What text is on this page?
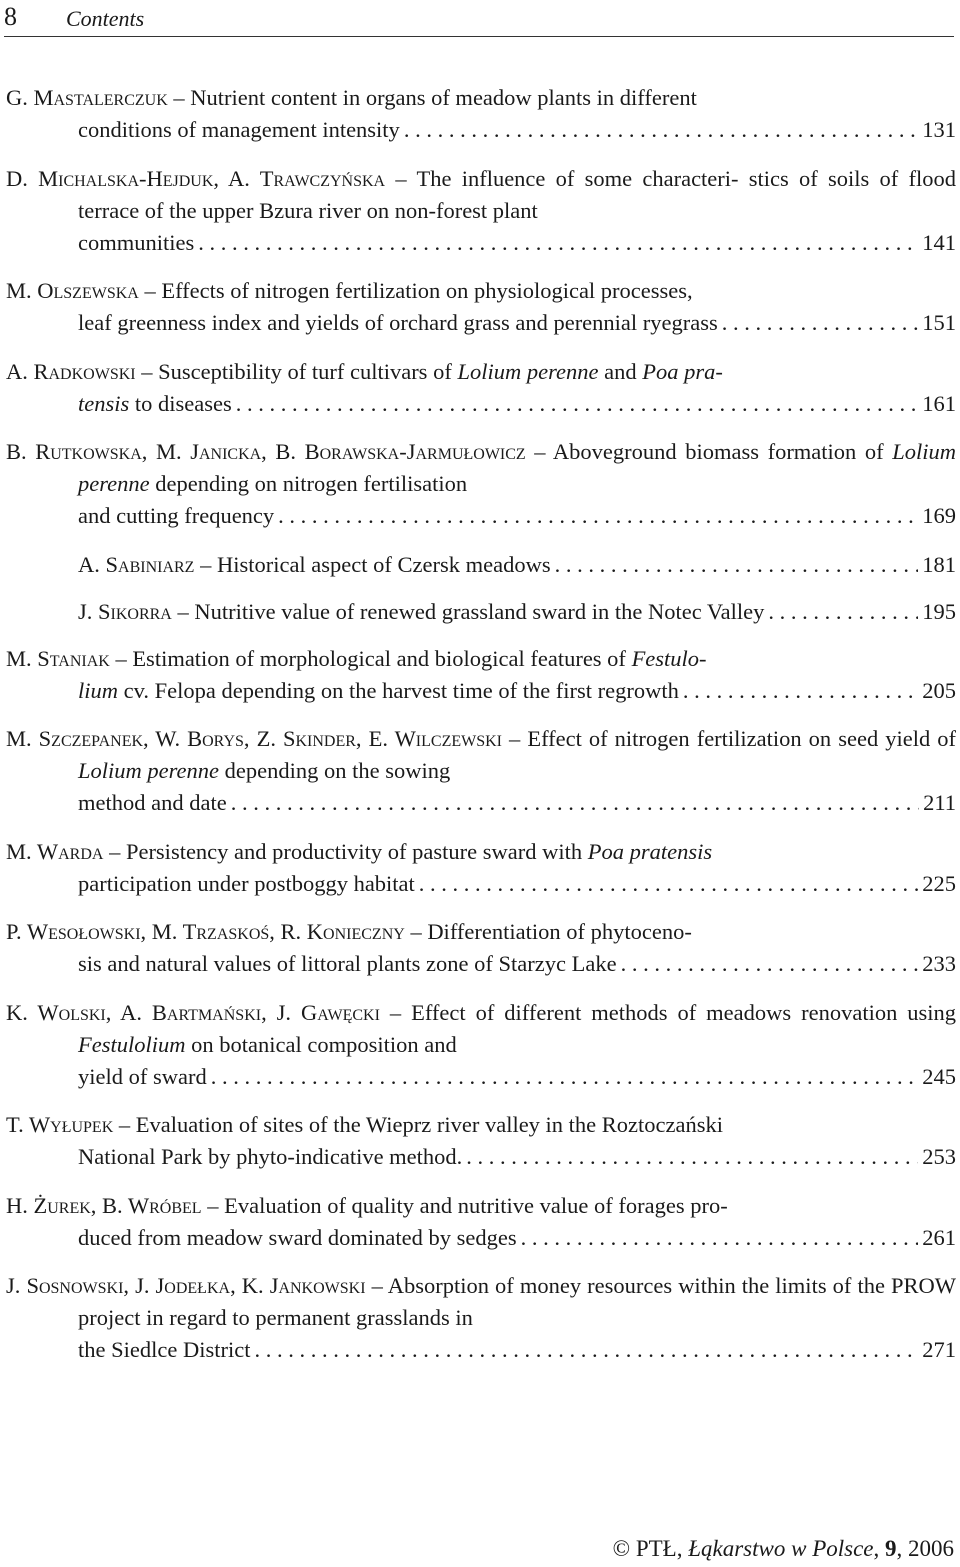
8 Contents
G. Mastalerczuk – Nutrient content in organs of meadow plants in different
conditions of management intensity . . .	131
D. Michalska-Hejduk, A. Trawczyńska – The influence of some characteri- stics of soils of flood terrace of the upper Bzura river on non-forest plant
communities . . .	141
M. Olszewska – Effects of nitrogen fertilization on physiological processes,
leaf greenness index and yields of orchard grass and perennial ryegrass . . .	151
A. Radkowski – Susceptibility of turf cultivars of Lolium perenne and Poa pra-
tensis to diseases . . .	161
B. Rutkowska, M. Janicka, B. Borawska-Jarmułowicz – Aboveground biomass formation of Lolium perenne depending on nitrogen fertilisation
and cutting frequency . . .	169
A. Sabiniarz – Historical aspect of Czersk meadows . . .	181
J. Sikorra – Nutritive value of renewed grassland sward in the Notec Valley . . .	195
M. Staniak – Estimation of morphological and biological features of Festulo-
lium cv. Felopa depending on the harvest time of the first regrowth . . .	205
M. Szczepanek, W. Borys, Z. Skinder, E. Wilczewski – Effect of nitrogen fertilization on seed yield of Lolium perenne depending on the sowing
method and date . . .	211
M. Warda – Persistency and productivity of pasture sward with Poa pratensis
participation under postboggy habitat . . .	225
P. Wesołowski, M. Trzaskoś, R. Konieczny – Differentiation of phytoceno-
sis and natural values of littoral plants zone of Starzyc Lake . . .	233
K. Wolski, A. Bartmański, J. Gawęcki – Effect of different methods of meadows renovation using Festulolium on botanical composition and
yield of sward . . .	245
T. Wyłupek – Evaluation of sites of the Wieprz river valley in the Roztoczański
National Park by phyto-indicative method. . . .	253
H. Żurek, B. Wróbel – Evaluation of quality and nutritive value of forages pro-
duced from meadow sward dominated by sedges . . .	261
J. Sosnowski, J. Jodełka, K. Jankowski – Absorption of money resources within the limits of the PROW project in regard to permanent grasslands in
the Siedlce District . . .	271
© PTŁ, Łąkarstwo w Polsce, 9, 2006
